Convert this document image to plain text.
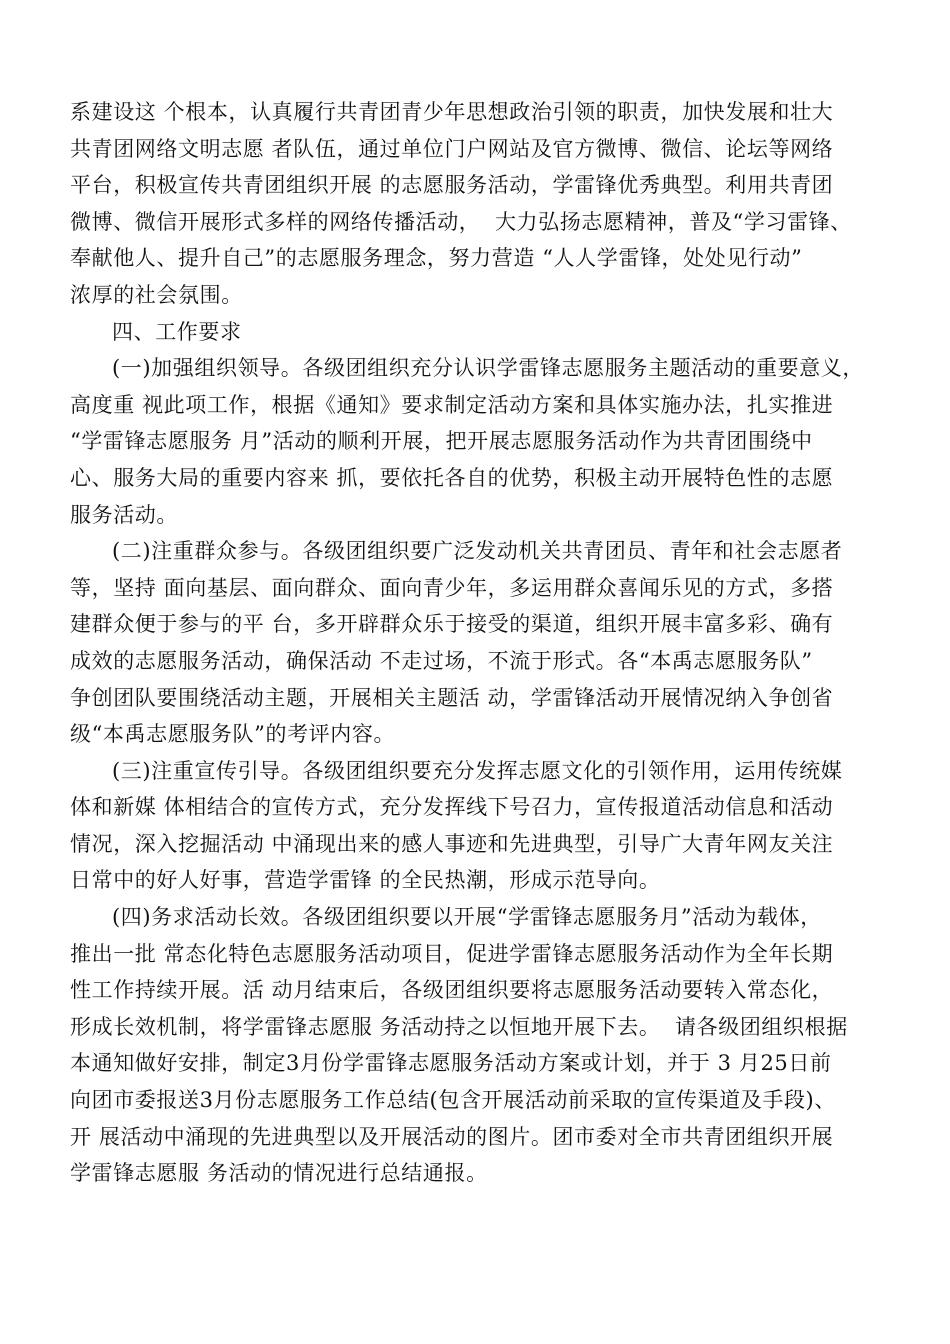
系建设这 个根本，认真履行共青团青少年思想政治引领的职责，加快发展和壮大
共青团网络文明志愿 者队伍，通过单位门户网站及官方微博、微信、论坛等网络
平台，积极宣传共青团组织开展 的志愿服务活动，学雷锋优秀典型。利用共青团
微博、微信开展形式多样的网络传播活动，  大力弘扬志愿精神，普及“学习雷锋、
奉献他人、提升自己”的志愿服务理念，努力营造 “人人学雷锋，处处见行动”
浓厚的社会氛围。
四、工作要求
(一)加强组织领导。各级团组织充分认识学雷锋志愿服务主题活动的重要意义，
高度重 视此项工作，根据《通知》要求制定活动方案和具体实施办法，扎实推进
“学雷锋志愿服务 月”活动的顺利开展，把开展志愿服务活动作为共青团围绕中
心、服务大局的重要内容来 抓，要依托各自的优势，积极主动开展特色性的志愿
服务活动。
(二)注重群众参与。各级团组织要广泛发动机关共青团员、青年和社会志愿者
等，坚持 面向基层、面向群众、面向青少年，多运用群众喜闻乐见的方式，多搭
建群众便于参与的平 台，多开辟群众乐于接受的渠道，组织开展丰富多彩、确有
成效的志愿服务活动，确保活动 不走过场，不流于形式。各“本禹志愿服务队”
争创团队要围绕活动主题，开展相关主题活 动，学雷锋活动开展情况纳入争创省
级“本禹志愿服务队”的考评内容。
(三)注重宣传引导。各级团组织要充分发挥志愿文化的引领作用，运用传统媒
体和新媒 体相结合的宣传方式，充分发挥线下号召力，宣传报道活动信息和活动
情况，深入挖掘活动 中涌现出来的感人事迹和先进典型，引导广大青年网友关注
日常中的好人好事，营造学雷锋 的全民热潮，形成示范导向。
(四)务求活动长效。各级团组织要以开展“学雷锋志愿服务月”活动为载体，
推出一批 常态化特色志愿服务活动项目，促进学雷锋志愿服务活动作为全年长期
性工作持续开展。活 动月结束后，各级团组织要将志愿服务活动要转入常态化，
形成长效机制，将学雷锋志愿服 务活动持之以恒地开展下去。  请各级团组织根据
本通知做好安排，制定3月份学雷锋志愿服务活动方案或计划，并于 3 月25日前
向团市委报送3月份志愿服务工作总结(包含开展活动前采取的宣传渠道及手段)、
开 展活动中涌现的先进典型以及开展活动的图片。团市委对全市共青团组织开展
学雷锋志愿服 务活动的情况进行总结通报。
